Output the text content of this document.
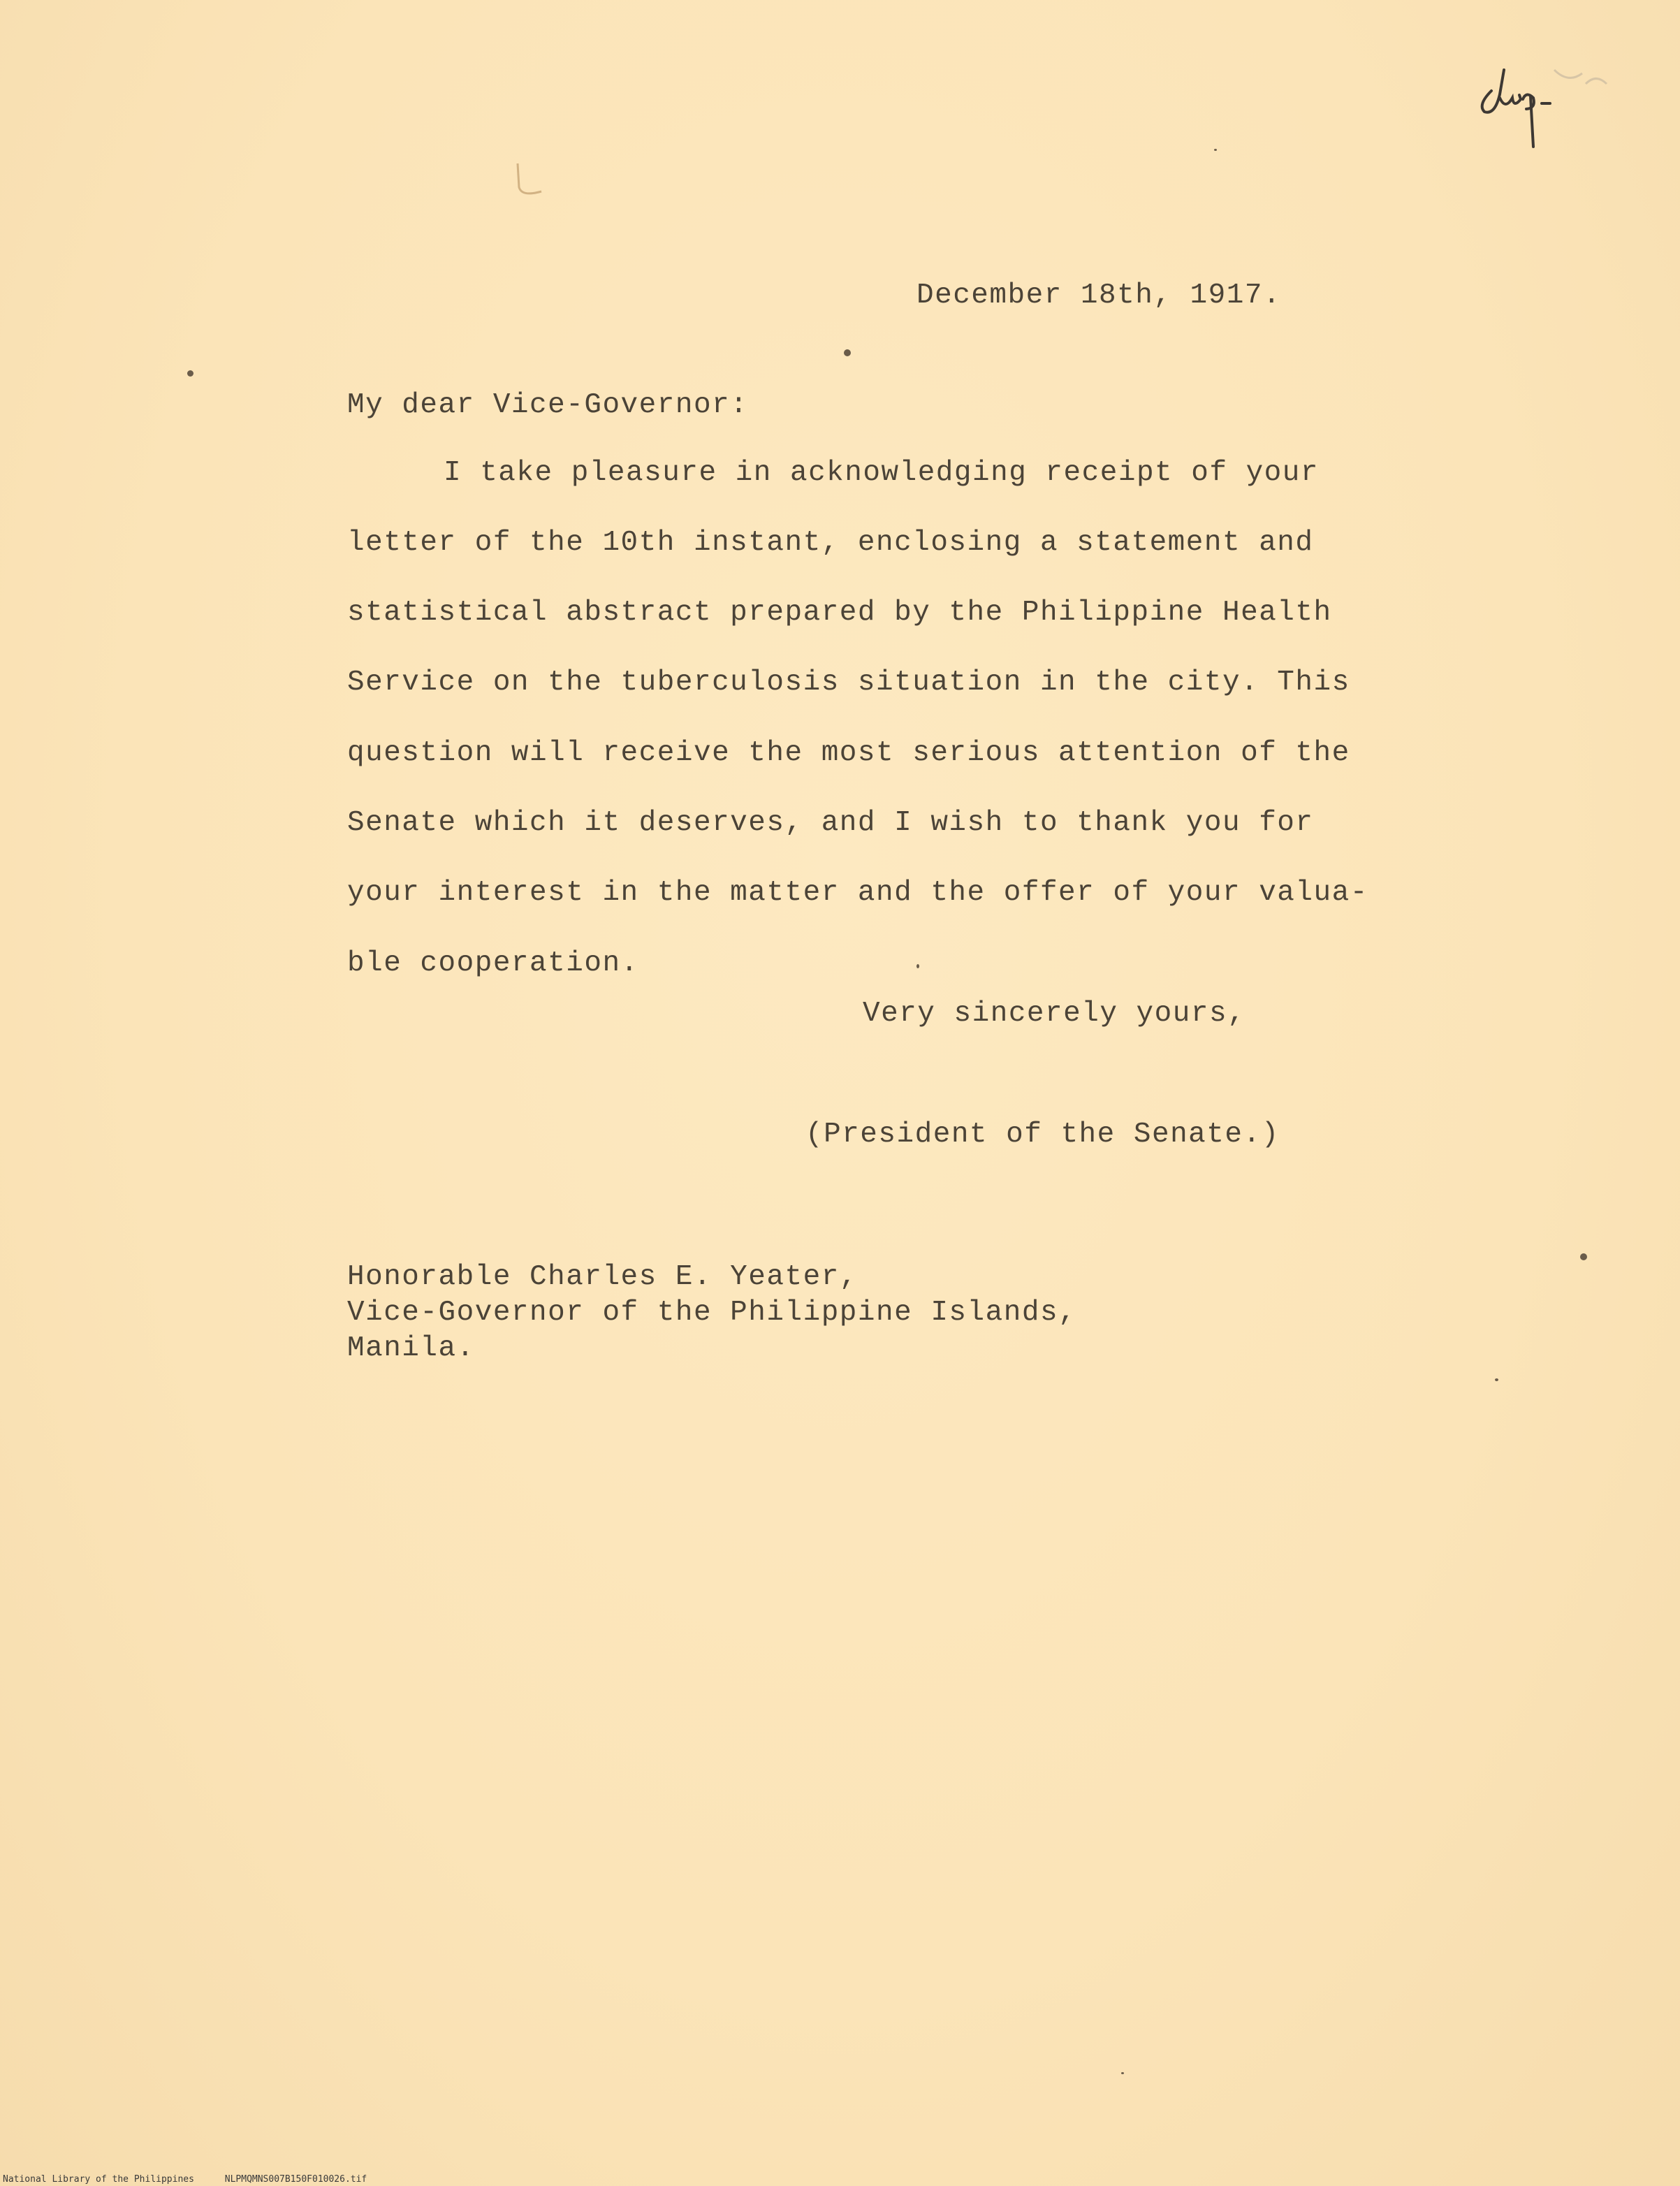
December 18th, 1917.

My dear Vice-Governor:

I take pleasure in acknowledging receipt of your

letter of the 10th instant, enclosing a statement and

statistical abstract prepared by the Philippine Health

Service on the tuberculosis situation in the city. This

question will receive the most serious attention of the

Senate which it deserves, and I wish to thank you for

your interest in the matter and the offer of your valua-

ble cooperation.

Very sincerely yours,

(President of the Senate.)

Honorable Charles E. Yeater,

Vice-Governor of the Philippine Islands,

Manila.

National Library of the Philippines	NLPMQMNS007B150F010026.tif
